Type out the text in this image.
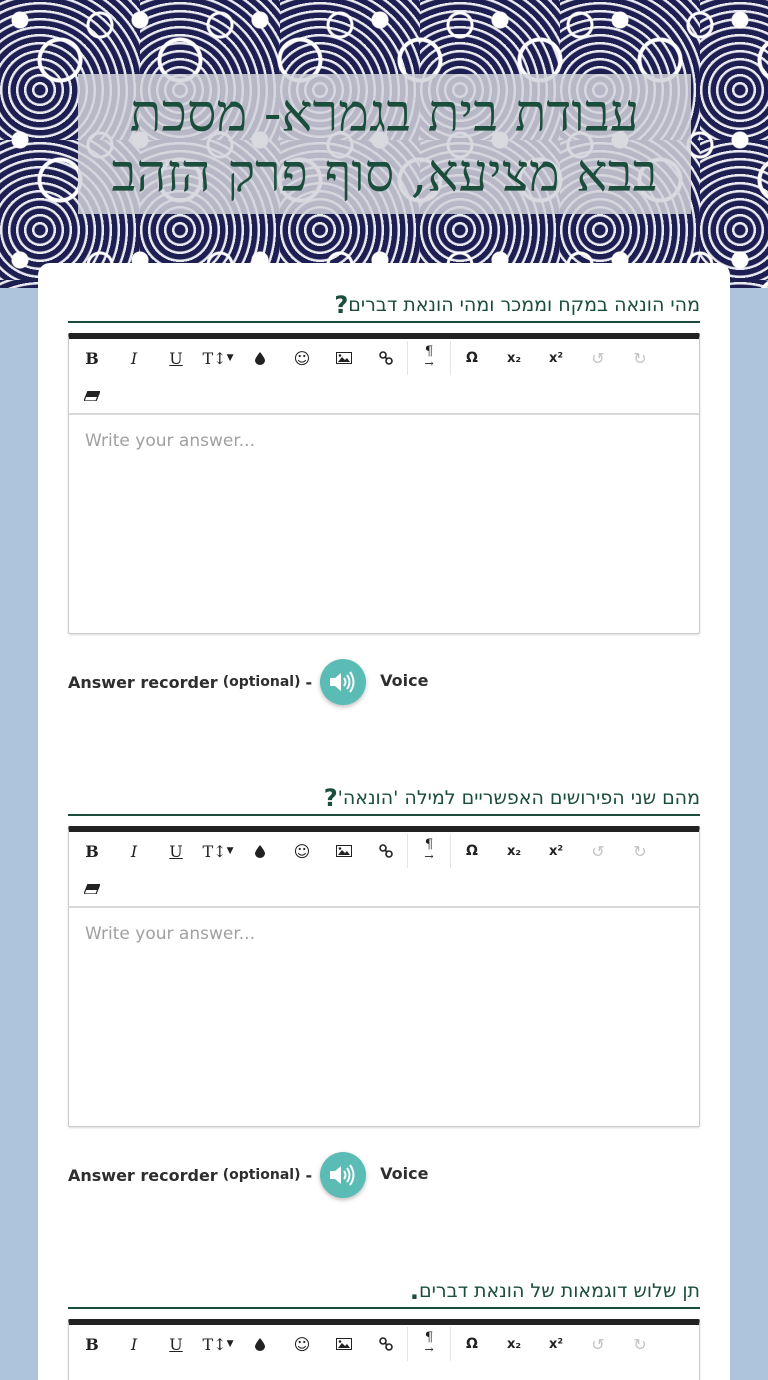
עבודת בית בגמרא- מסכת
בבא מציעא, סוף פרק הזהב
מהי הונאה במקח וממכר ומהי הונאת דברים
?
B	I	U	T↕ ▼	☺	¶
→ Ω x₂ x² ↺ ↻
Write your answer...
Answer recorder (optional) -	Voice
מהם שני הפירושים האפשריים למילה 'הונאה'
?
B	I	U	T↕ ▼	☺	¶
→ Ω x₂ x² ↺ ↻
Write your answer...
Answer recorder (optional) -	Voice
תן שלוש דוגמאות של הונאת דברים
.
B	I	U	T↕ ▼	☺	¶
→ Ω x₂ x² ↺ ↻
